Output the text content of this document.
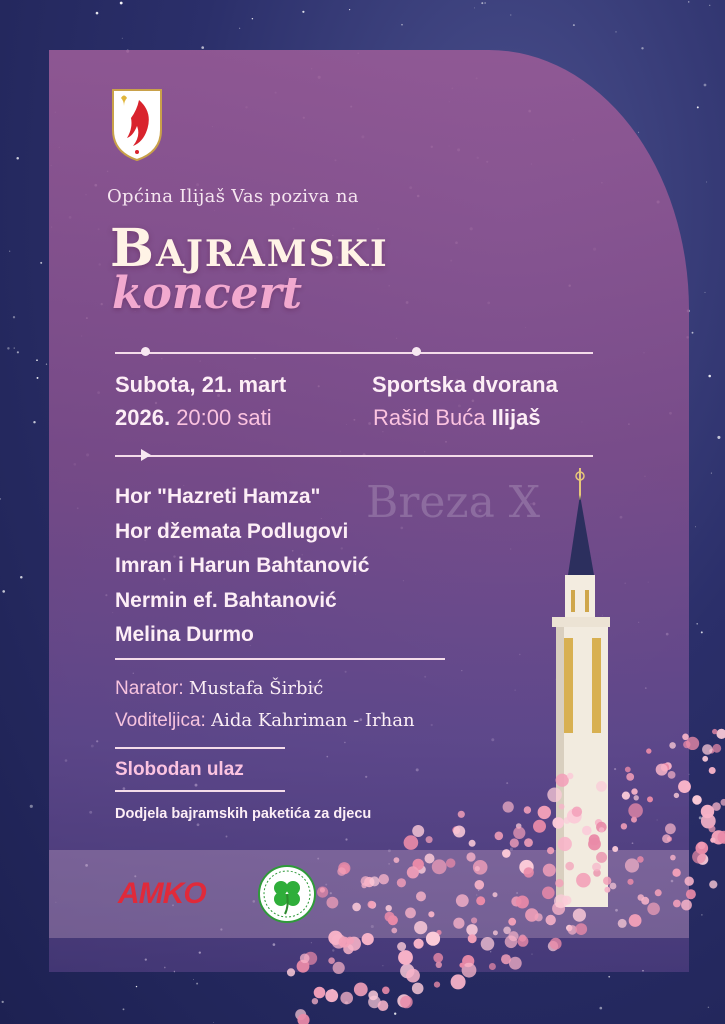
Općina Ilijaš Vas poziva na
Bajramski
koncert
Subota, 21. mart
2026. 20:00 sati
Sportska dvorana
Rašid Buća Ilijaš
Breza X
Hor "Hazreti Hamza"
Hor džemata Podlugovi
Imran i Harun Bahtanović
Nermin ef. Bahtanović
Melina Durmo
Narator: Mustafa Širbić
Voditeljica: Aida Kahriman - Irhan
Slobodan ulaz
Dodjela bajramskih paketića za djecu
AMKO
